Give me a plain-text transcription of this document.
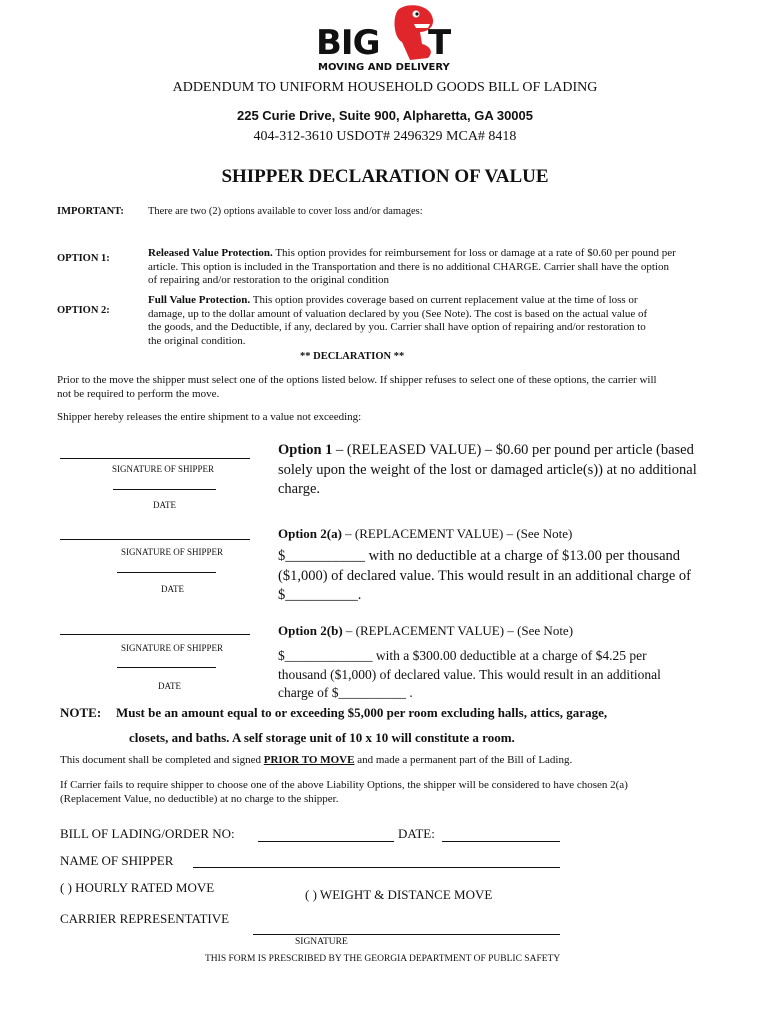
BIG T
MOVING AND DELIVERY
ADDENDUM TO UNIFORM HOUSEHOLD GOODS BILL OF LADING
225 Curie Drive, Suite 900, Alpharetta, GA 30005
404-312-3610 USDOT# 2496329 MCA# 8418
SHIPPER DECLARATION OF VALUE
IMPORTANT: There are two (2) options available to cover loss and/or damages:
OPTION 1:	Released Value Protection. This option provides for reimbursement for loss or damage at a rate of $0.60 per pound per article. This option is included in the Transportation and there is no additional CHARGE. Carrier shall have the option of repairing and/or restoration to the original condition

OPTION 2:

Full Value Protection. This option provides coverage based on current replacement value at the time of loss or damage, up to the dollar amount of valuation declared by you (See Note). The cost is based on the actual value of the goods, and the Deductible, if any, declared by you. Carrier shall have option of repairing and/or restoration to the original condition.

** DECLARATION **

Prior to the move the shipper must select one of the options listed below. If shipper refuses to select one of these options, the carrier will not be required to perform the move.

Shipper hereby releases the entire shipment to a value not exceeding:

SIGNATURE OF SHIPPER
DATE

Option 1 – (RELEASED VALUE) – $0.60 per pound per article (based solely upon the weight of the lost or damaged article(s)) at no additional charge.

SIGNATURE OF SHIPPER
DATE
Option 2(a) – (REPLACEMENT VALUE) – (See Note)

$___________ with no deductible at a charge of $13.00 per thousand ($1,000) of declared value. This would result in an additional charge of $__________.

SIGNATURE OF SHIPPER
DATE
Option 2(b) – (REPLACEMENT VALUE) – (See Note)

$_____________ with a $300.00 deductible at a charge of $4.25 per thousand ($1,000) of declared value. This would result in an additional charge of $__________ .

NOTE: Must be an amount equal to or exceeding $5,000 per room excluding halls, attics, garage,
closets, and baths. A self storage unit of 10 x 10 will constitute a room.

This document shall be completed and signed PRIOR TO MOVE and made a permanent part of the Bill of Lading.

If Carrier fails to require shipper to choose one of the above Liability Options, the shipper will be considered to have chosen 2(a) (Replacement Value, no deductible) at no charge to the shipper.

BILL OF LADING/ORDER NO:	DATE:
NAME OF SHIPPER
( ) HOURLY RATED MOVE	( ) WEIGHT & DISTANCE MOVE
CARRIER REPRESENTATIVE
SIGNATURE
THIS FORM IS PRESCRIBED BY THE GEORGIA DEPARTMENT OF PUBLIC SAFETY
